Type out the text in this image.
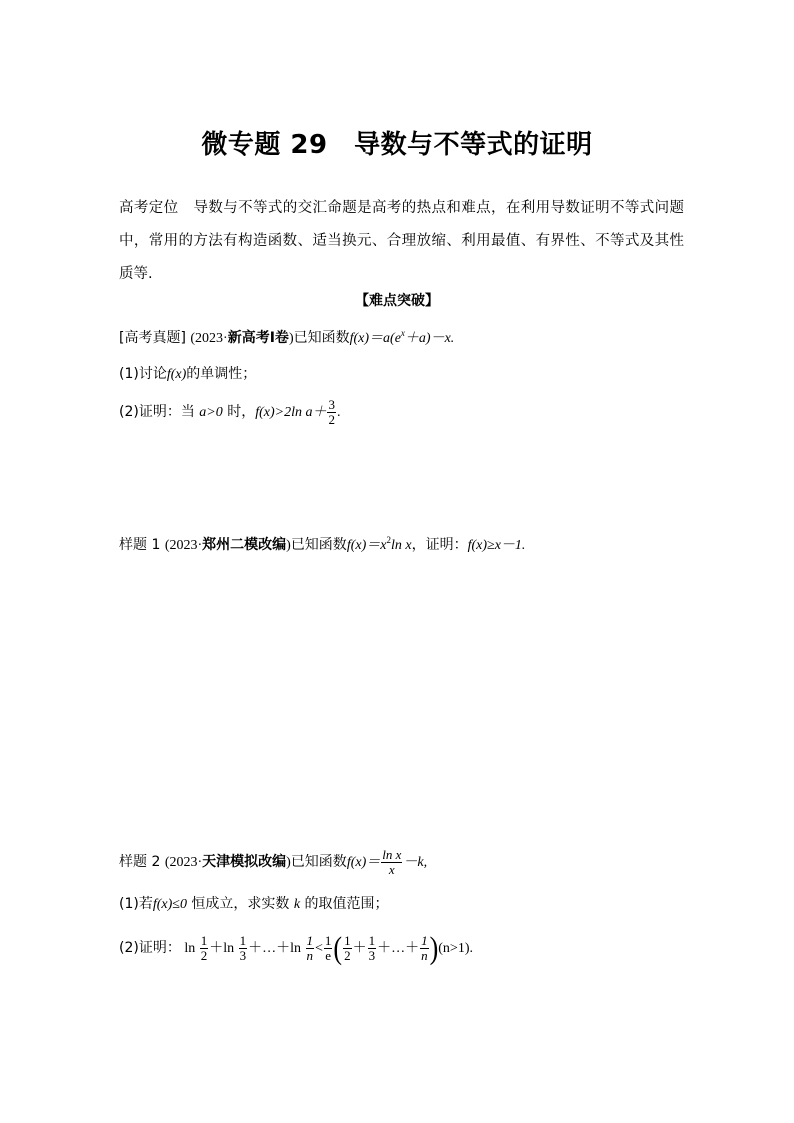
微专题 29　导数与不等式的证明
高考定位 导数与不等式的交汇命题是高考的热点和难点，在利用导数证明不等式问题中，常用的方法有构造函数、适当换元、合理放缩、利用最值、有界性、不等式及其性质等.
【难点突破】
[高考真题] (2023·新高考Ⅰ卷)已知函数$f(x)=a(e^x+a)-x$.
(1)讨论f(x)的单调性；
(2)证明：当 a>0 时，f(x)>2ln $a+ \frac{3}{2}$ .
样题 1 (2023·郑州二模改编)已知函数$f(x)=x^2\ln$ x，证明：f(x)≥x－1.
样题 2 (2023·天津模拟改编)已知函数$f(x)= \frac{\text{ln x}}{x} -k$,
(1)若f(x)≤0 恒成立，求实数 k 的取值范围；
(2)证明： $\ln \frac{1}{2} +\ln \frac{1}{3}$ ＋…＋ln $\frac{1}{n} < \frac{1}{e}$ ( $\frac{1}{2} + \frac{1}{3}$ ＋…＋ $\frac{1}{n} )(n>1)$.
